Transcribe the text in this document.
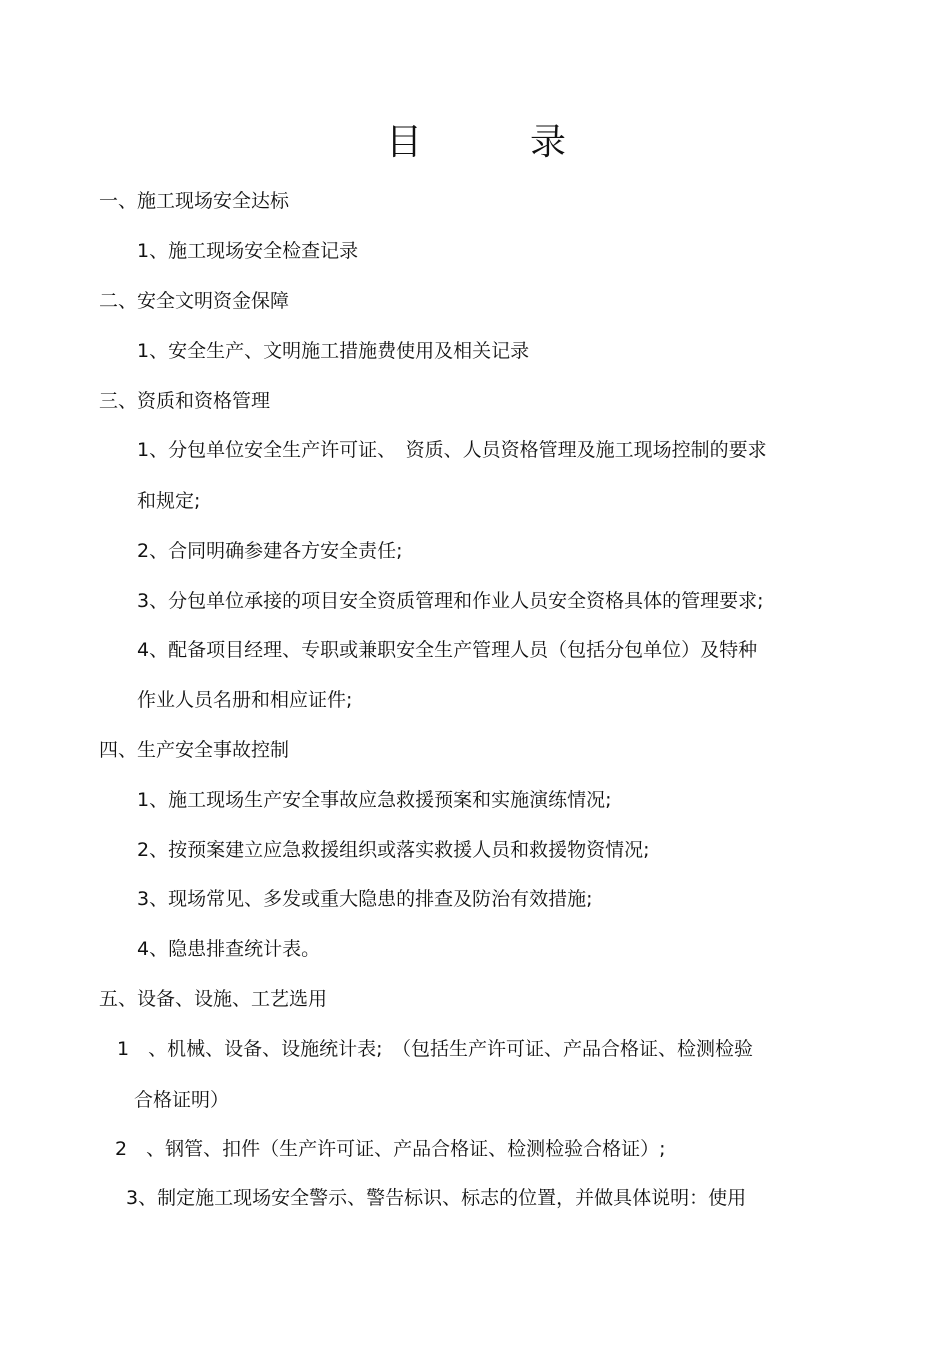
目	录
一、施工现场安全达标
1、施工现场安全检查记录
二、安全文明资金保障
1、安全生产、文明施工措施费使用及相关记录
三、资质和资格管理
1、分包单位安全生产许可证、　资质、人员资格管理及施工现场控制的要求
和规定;
2、合同明确参建各方安全责任;
3、分包单位承接的项目安全资质管理和作业人员安全资格具体的管理要求;
4、配备项目经理、专职或兼职安全生产管理人员（包括分包单位）及特种
作业人员名册和相应证件;
四、生产安全事故控制
1、施工现场生产安全事故应急救援预案和实施演练情况;
2、按预案建立应急救援组织或落实救援人员和救援物资情况;
3、现场常见、多发或重大隐患的排查及防治有效措施;
4、隐患排查统计表。
五、设备、设施、工艺选用
1　、机械、设备、设施统计表;　（包括生产许可证、产品合格证、检测检验
合格证明）
2　、钢管、扣件（生产许可证、产品合格证、检测检验合格证）;
3、制定施工现场安全警示、警告标识、标志的位置，并做具体说明：使用
